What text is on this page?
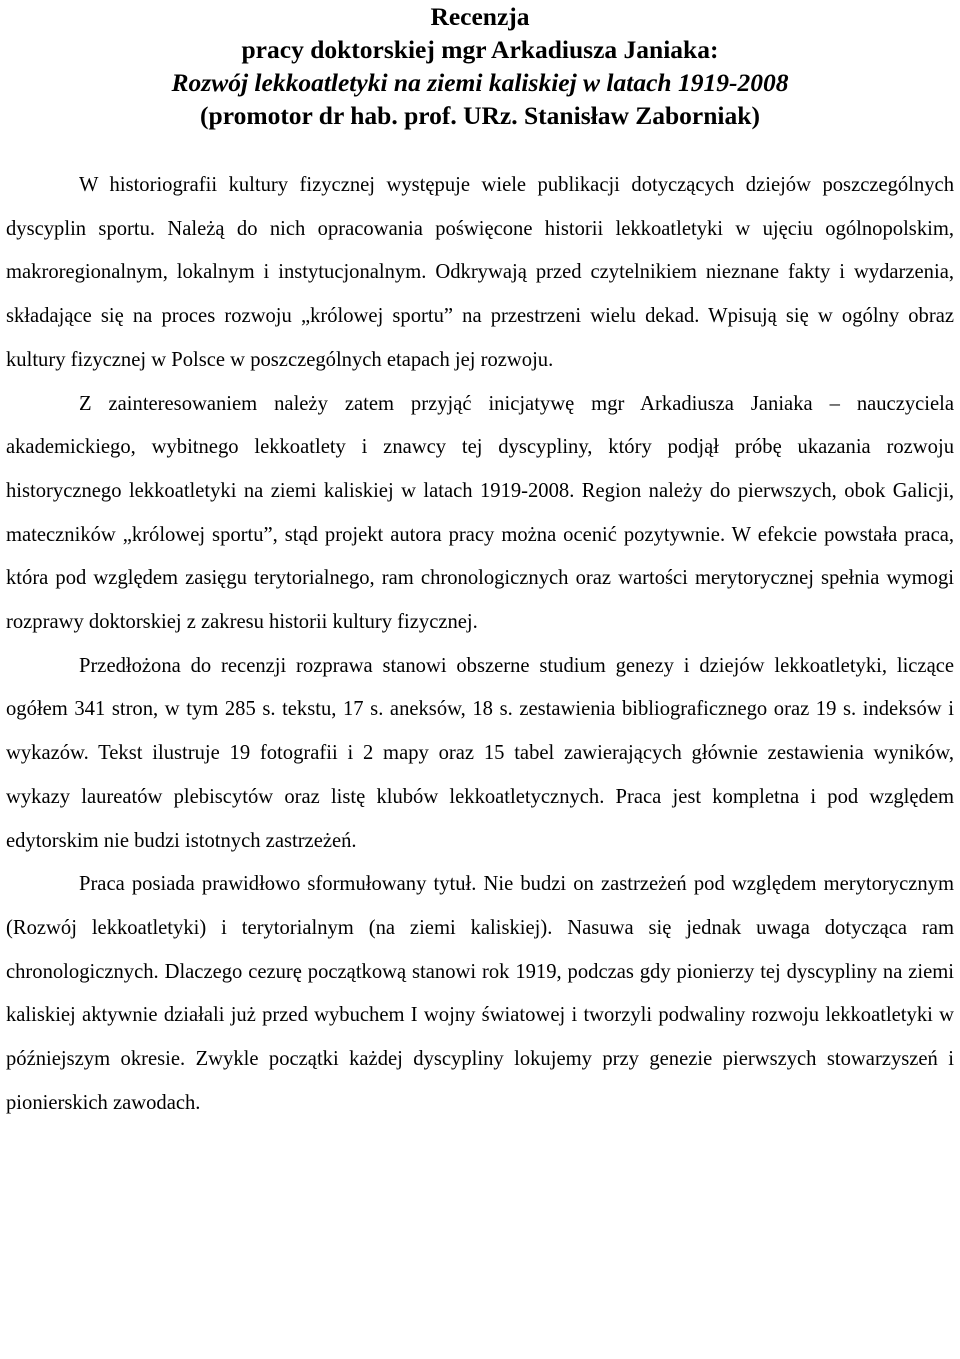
Recenzja
pracy doktorskiej mgr Arkadiusza Janiaka:
Rozwój lekkoatletyki na ziemi kaliskiej w latach 1919-2008
(promotor dr hab. prof. URz. Stanisław Zaborniak)

W historiografii kultury fizycznej występuje wiele publikacji dotyczących dziejów poszczególnych dyscyplin sportu. Należą do nich opracowania poświęcone historii lekkoatletyki w ujęciu ogólnopolskim, makroregionalnym, lokalnym i instytucjonalnym. Odkrywają przed czytelnikiem nieznane fakty i wydarzenia, składające się na proces rozwoju „królowej sportu” na przestrzeni wielu dekad. Wpisują się w ogólny obraz kultury fizycznej w Polsce w poszczególnych etapach jej rozwoju.

Z zainteresowaniem należy zatem przyjąć inicjatywę mgr Arkadiusza Janiaka – nauczyciela akademickiego, wybitnego lekkoatlety i znawcy tej dyscypliny, który podjął próbę ukazania rozwoju historycznego lekkoatletyki na ziemi kaliskiej w latach 1919-2008. Region należy do pierwszych, obok Galicji, mateczników „królowej sportu”, stąd projekt autora pracy można ocenić pozytywnie. W efekcie powstała praca, która pod względem zasięgu terytorialnego, ram chronologicznych oraz wartości merytorycznej spełnia wymogi rozprawy doktorskiej z zakresu historii kultury fizycznej.

Przedłożona do recenzji rozprawa stanowi obszerne studium genezy i dziejów lekkoatletyki, liczące ogółem 341 stron, w tym 285 s. tekstu, 17 s. aneksów, 18 s. zestawienia bibliograficznego oraz 19 s. indeksów i wykazów. Tekst ilustruje 19 fotografii i 2 mapy oraz 15 tabel zawierających głównie zestawienia wyników, wykazy laureatów plebiscytów oraz listę klubów lekkoatletycznych. Praca jest kompletna i pod względem edytorskim nie budzi istotnych zastrzeżeń.

Praca posiada prawidłowo sformułowany tytuł. Nie budzi on zastrzeżeń pod względem merytorycznym (Rozwój lekkoatletyki) i terytorialnym (na ziemi kaliskiej). Nasuwa się jednak uwaga dotycząca ram chronologicznych. Dlaczego cezurę początkową stanowi rok 1919, podczas gdy pionierzy tej dyscypliny na ziemi kaliskiej aktywnie działali już przed wybuchem I wojny światowej i tworzyli podwaliny rozwoju lekkoatletyki w późniejszym okresie. Zwykle początki każdej dyscypliny lokujemy przy genezie pierwszych stowarzyszeń i pionierskich zawodach.
